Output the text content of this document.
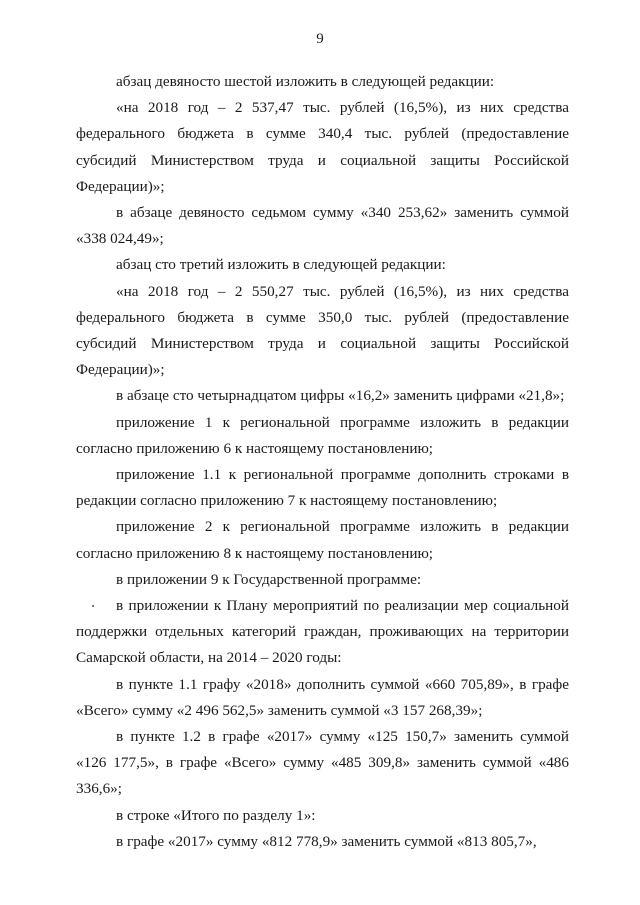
9

абзац девяносто шестой изложить в следующей редакции:

«на 2018 год – 2 537,47 тыс. рублей (16,5%), из них средства федерального бюджета в сумме 340,4 тыс. рублей (предоставление субсидий Министерством труда и социальной защиты Российской Федерации)»;

в абзаце девяносто седьмом сумму «340 253,62» заменить суммой «338 024,49»;

абзац сто третий изложить в следующей редакции:

«на 2018 год – 2 550,27 тыс. рублей (16,5%), из них средства федерального бюджета в сумме 350,0 тыс. рублей (предоставление субсидий Министерством труда и социальной защиты Российской Федерации)»;

в абзаце сто четырнадцатом цифры «16,2» заменить цифрами «21,8»;

приложение 1 к региональной программе изложить в редакции согласно приложению 6 к настоящему постановлению;

приложение 1.1 к региональной программе дополнить строками в редакции согласно приложению 7 к настоящему постановлению;

приложение 2 к региональной программе изложить в редакции согласно приложению 8 к настоящему постановлению;

в приложении 9 к Государственной программе:

в приложении к Плану мероприятий по реализации мер социальной поддержки отдельных категорий граждан, проживающих на территории Самарской области, на 2014 – 2020 годы:

в пункте 1.1 графу «2018» дополнить суммой «660 705,89», в графе «Всего» сумму «2 496 562,5» заменить суммой «3 157 268,39»;

в пункте 1.2 в графе «2017» сумму «125 150,7» заменить суммой «126 177,5», в графе «Всего» сумму «485 309,8» заменить суммой «486 336,6»;

в строке «Итого по разделу 1»:

в графе «2017» сумму «812 778,9» заменить суммой «813 805,7»,
